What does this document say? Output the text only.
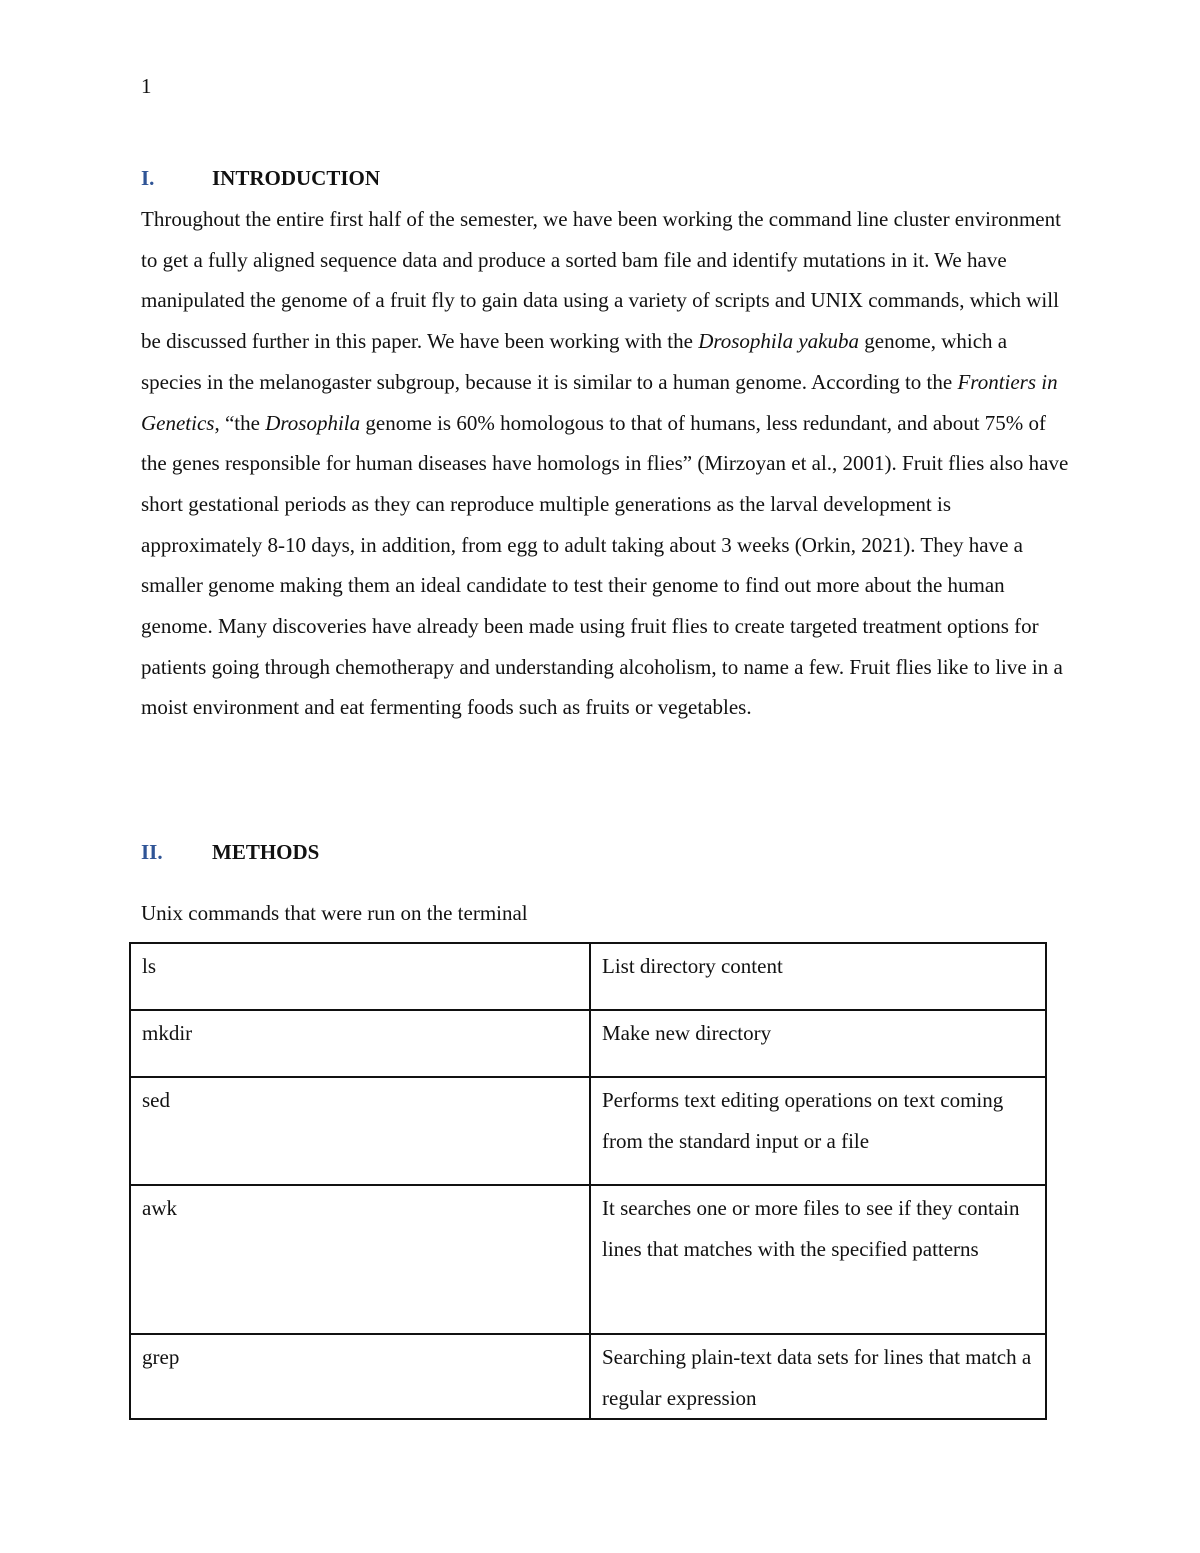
1
I.	INTRODUCTION

Throughout the entire first half of the semester, we have been working the command line cluster environment to get a fully aligned sequence data and produce a sorted bam file and identify mutations in it. We have manipulated the genome of a fruit fly to gain data using a variety of scripts and UNIX commands, which will be discussed further in this paper. We have been working with the Drosophila yakuba genome, which a species in the melanogaster subgroup, because it is similar to a human genome. According to the Frontiers in Genetics, “the Drosophila genome is 60% homologous to that of humans, less redundant, and about 75% of the genes responsible for human diseases have homologs in flies” (Mirzoyan et al., 2001). Fruit flies also have short gestational periods as they can reproduce multiple generations as the larval development is approximately 8-10 days, in addition, from egg to adult taking about 3 weeks (Orkin, 2021). They have a smaller genome making them an ideal candidate to test their genome to find out more about the human genome. Many discoveries have already been made using fruit flies to create targeted treatment options for patients going through chemotherapy and understanding alcoholism, to name a few. Fruit flies like to live in a moist environment and eat fermenting foods such as fruits or vegetables.

II.	METHODS
Unix commands that were run on the terminal
ls	List directory content
mkdir	Make new directory
sed	Performs text editing operations on text coming from the standard input or a file
awk	It searches one or more files to see if they contain lines that matches with the specified patterns
grep	Searching plain-text data sets for lines that match a regular expression
